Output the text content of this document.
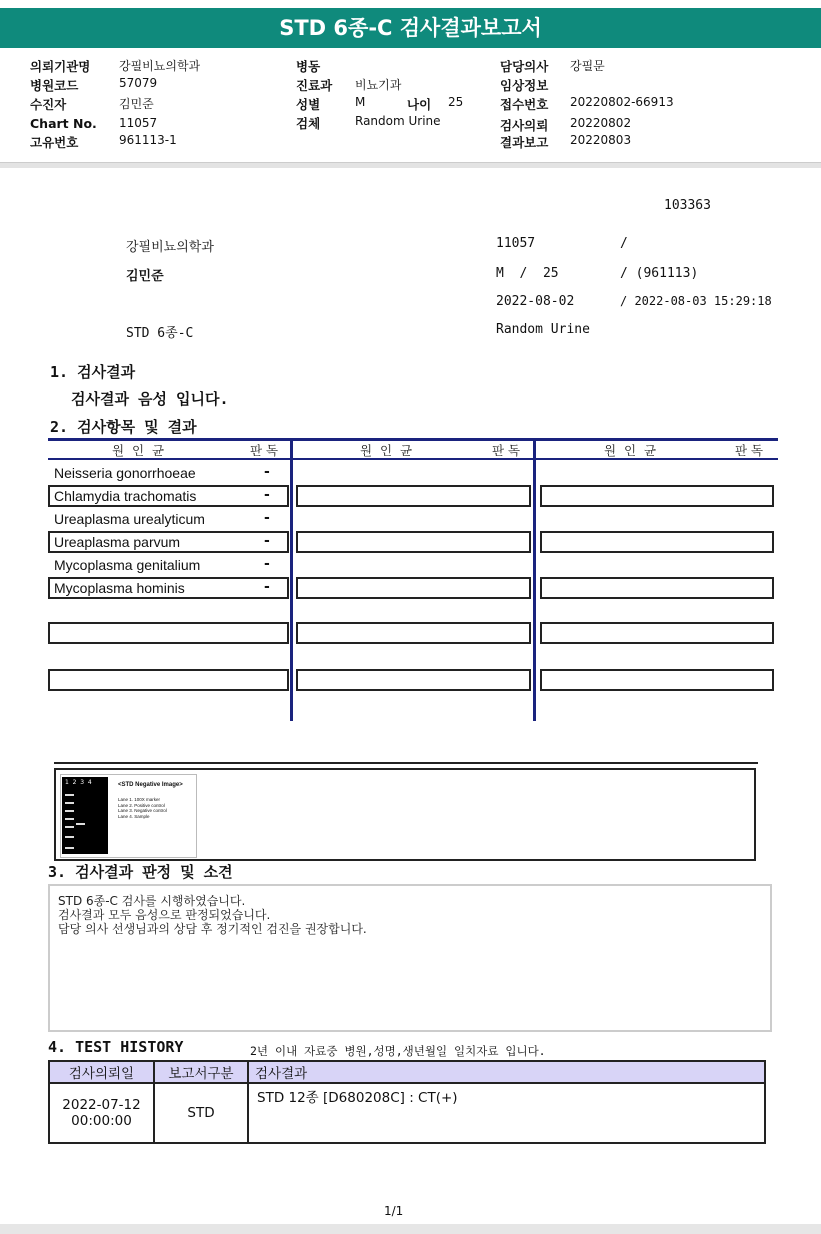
STD 6종-C 검사결과보고서
의뢰기관명 강필비뇨의학과
병원코드	57079
수진자	김민준
Chart No. 11057
고유번호	961113-1
병동
진료과 비뇨기과
성별	M	나이 25
검체	Random Urine
담당의사 강필문
임상정보
접수번호 20220802-66913
검사의뢰 20220802
결과보고 20220803
103363
강필비뇨의학과	11057	/
김민준	M  /  25	/ (961113)
2022-08-02	/ 2022-08-03 15:29:18
STD 6종-C	Random Urine
1. 검사결과
검사결과 음성 입니다.
2. 검사항목 및 결과
원  인  균	판 독	원  인  균	판 독	원  인  균	판 독
Neisseria gonorrhoeae	-
Chlamydia trachomatis	-
Ureaplasma urealyticum	-
Ureaplasma parvum	-
Mycoplasma genitalium	-
Mycoplasma hominis	-
1  2  3  4	<STD Negative Image>
Lane 1. 100X marker
Lane 2. Positive control
Lane 3. Negative control
Lane 4. Sample
3. 검사결과 판정 및 소견
STD 6종-C 검사를 시행하였습니다.
검사결과 모두 음성으로 판정되었습니다.
담당 의사 선생님과의 상담 후 정기적인 검진을 권장합니다.
4. TEST HISTORY	2년 이내 자료중 병원,성명,생년월일 일치자료 입니다.
검사의뢰일	보고서구분	검사결과

2022-07-12
00:00:00	STD	STD 12종 [D680208C] : CT(+)
1/1
